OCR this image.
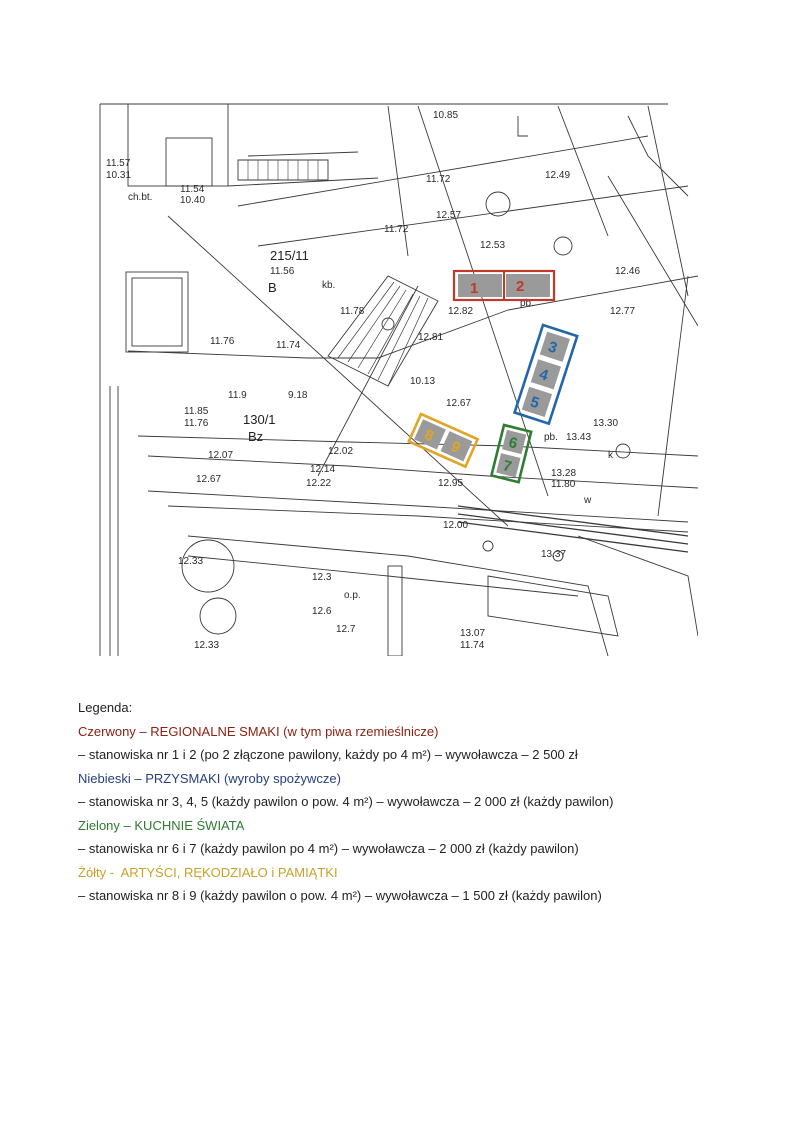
215/11
11.56
B
130/1
Bz
10.85
11.57
10.31
11.54
10.40
11.72	12.49
12.57
11.72
12.53
12.46
12.77
12.82
11.76	11.74
11.78
12.81
10.13
12.67
13.30
13.43
13.28
11.80
12.95
13.37
12.33
12.3
12.6
12.7
12.33
13.07
11.74
12.02
12.14
12.22
12.67
11.85
11.76
11.9	9.18
12.07
12.00
ch.bt.
kb.
pb.
pb.
k
o.p.
w
1	2
3
4
5
6
7
8
9
Legenda:
Czerwony – REGIONALNE SMAKI (w tym piwa rzemieślnicze)
– stanowiska nr 1 i 2 (po 2 złączone pawilony, każdy po 4 m²) – wywoławcza – 2 500 zł
Niebieski – PRZYSMAKI (wyroby spożywcze)
– stanowiska nr 3, 4, 5 (każdy pawilon o pow. 4 m²) – wywoławcza – 2 000 zł (każdy pawilon)
Zielony – KUCHNIE ŚWIATA
– stanowiska nr 6 i 7 (każdy pawilon po 4 m²) – wywoławcza – 2 000 zł (każdy pawilon)
Żółty -  ARTYŚCI, RĘKODZIAŁO i PAMIĄTKI
– stanowiska nr 8 i 9 (każdy pawilon o pow. 4 m²) – wywoławcza – 1 500 zł (każdy pawilon)
